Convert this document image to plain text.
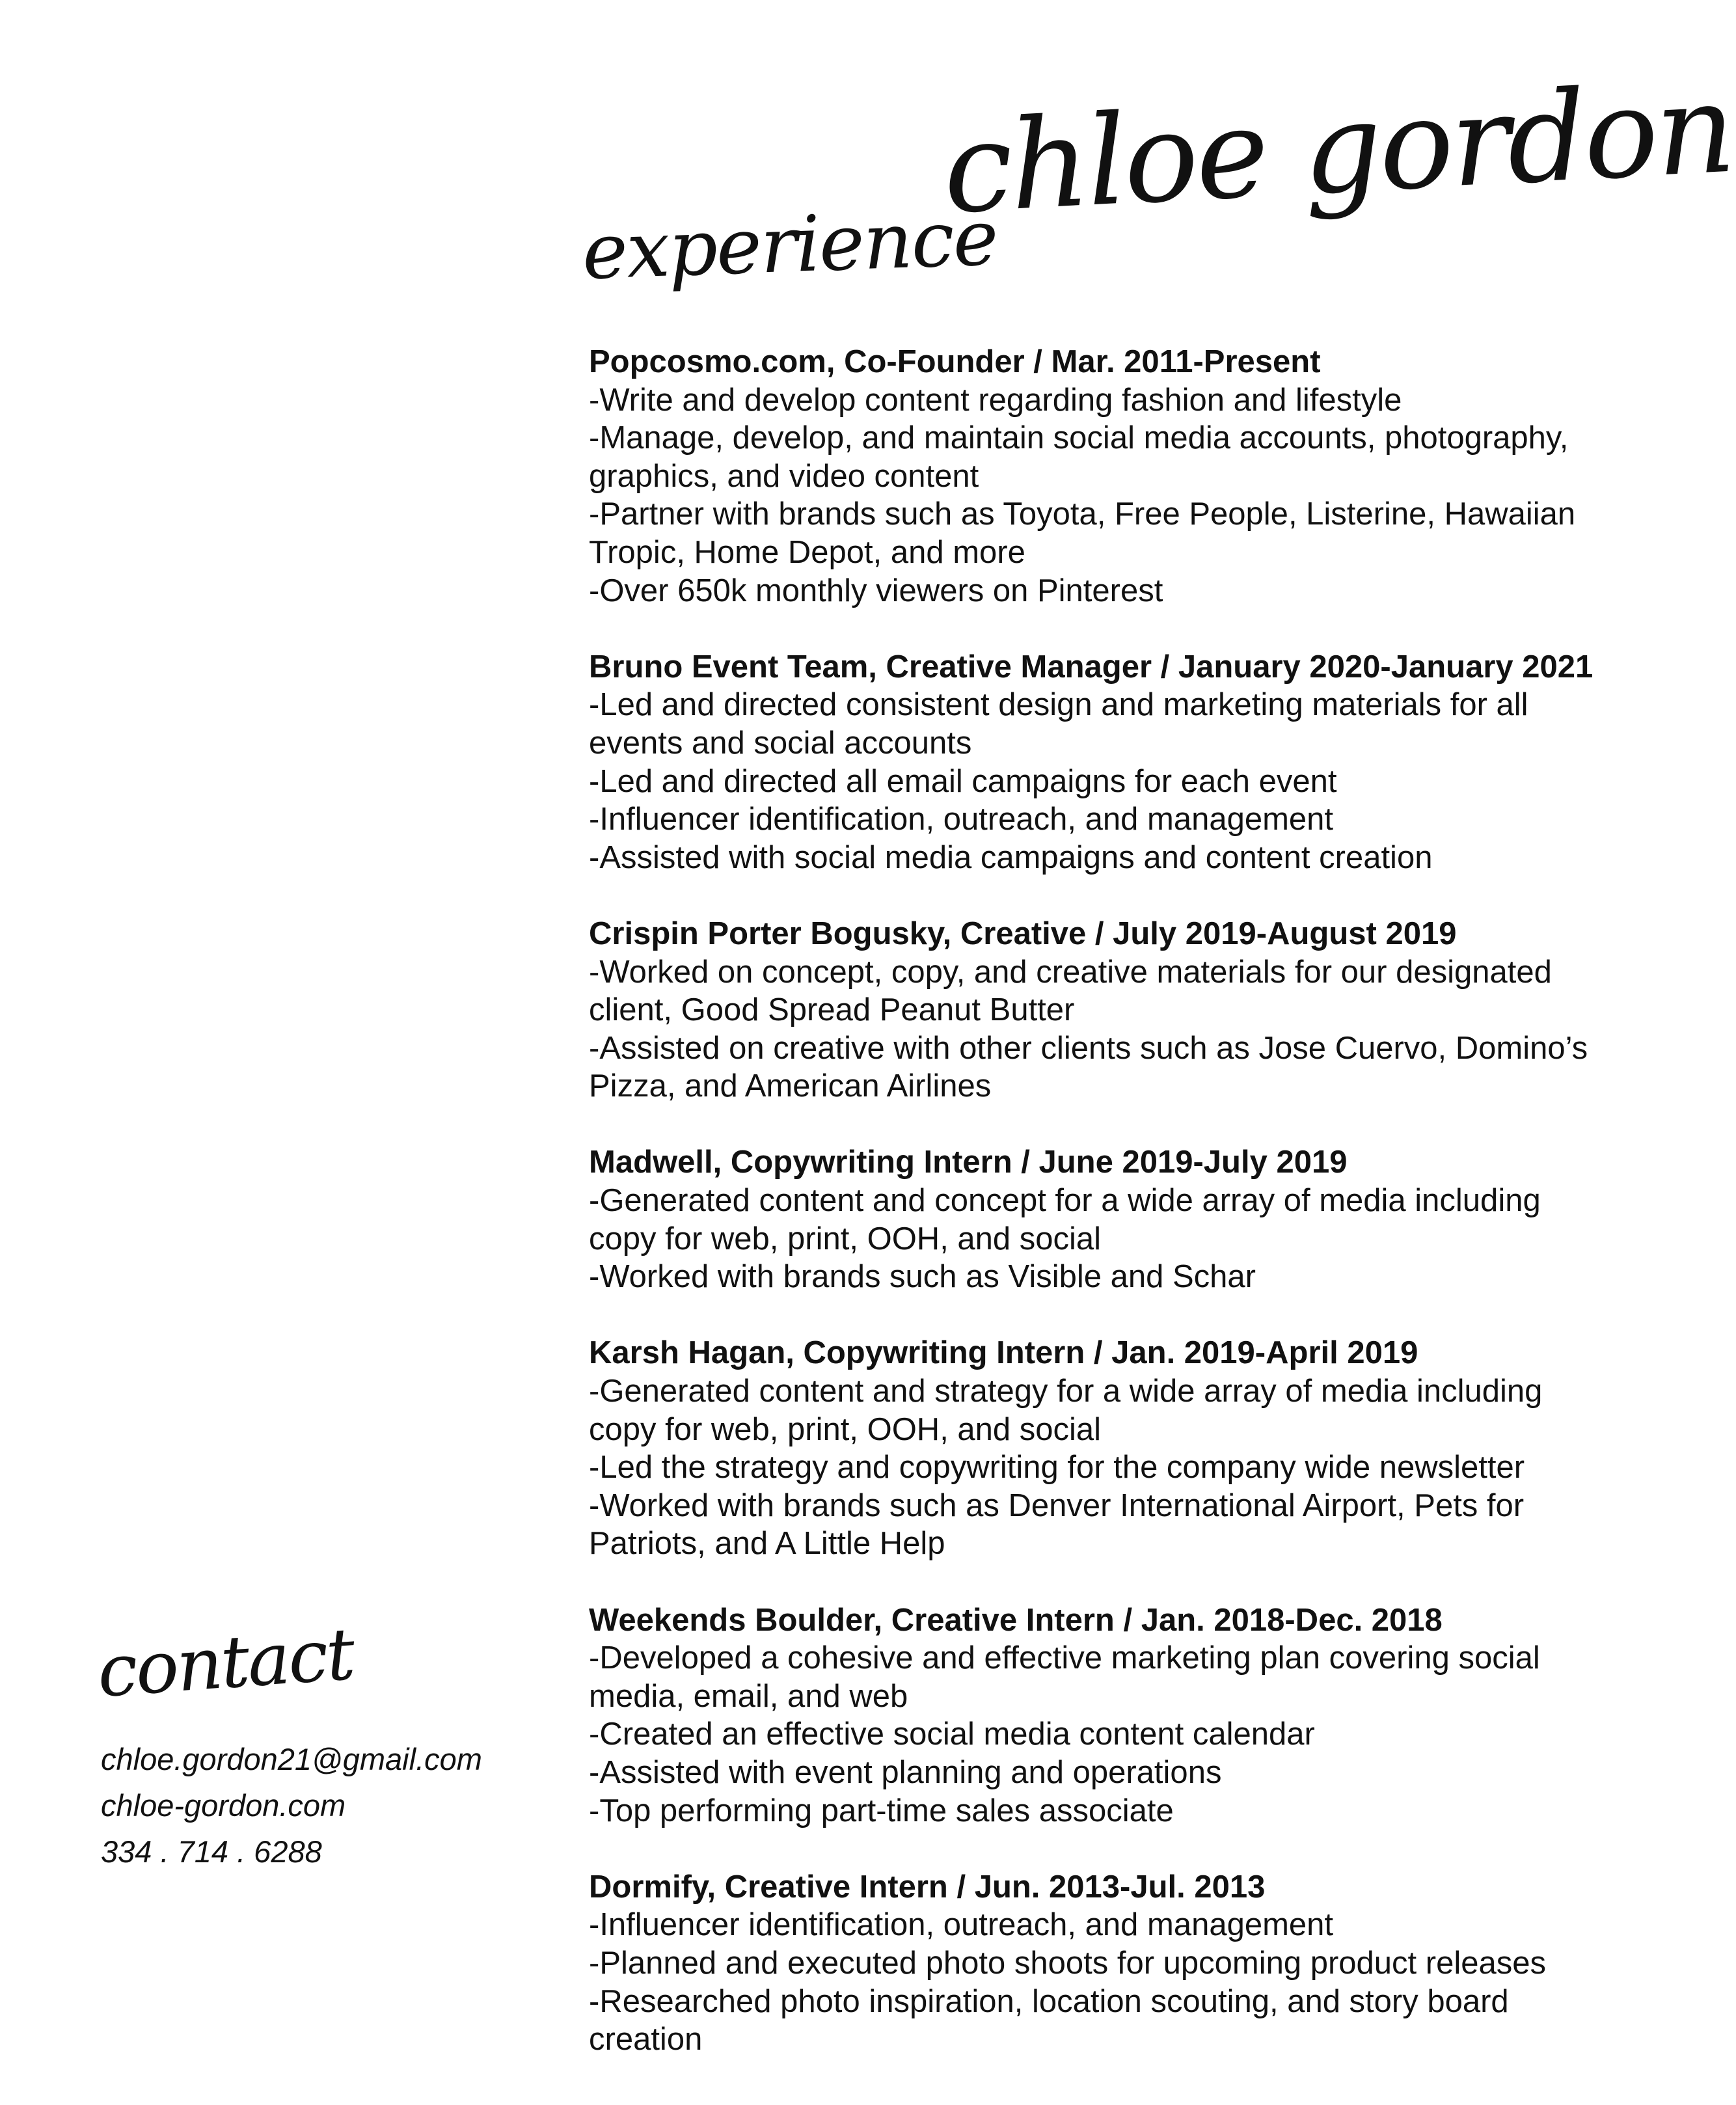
chloe gordon
experience
Popcosmo.com, Co-Founder / Mar. 2011-Present
-Write and develop content regarding fashion and lifestyle
-Manage, develop, and maintain social media accounts, photography, graphics, and video content
-Partner with brands such as Toyota, Free People, Listerine, Hawaiian Tropic, Home Depot, and more
-Over 650k monthly viewers on Pinterest
Bruno Event Team, Creative Manager / January 2020-January 2021
-Led and directed consistent design and marketing materials for all events and social accounts
-Led and directed all email campaigns for each event
-Influencer identification, outreach, and management
-Assisted with social media campaigns and content creation
Crispin Porter Bogusky, Creative / July 2019-August 2019
-Worked on concept, copy, and creative materials for our designated client, Good Spread Peanut Butter
-Assisted on creative with other clients such as Jose Cuervo, Domino’s Pizza, and American Airlines
Madwell, Copywriting Intern / June 2019-July 2019
-Generated content and concept for a wide array of media including copy for web, print, OOH, and social
-Worked with brands such as Visible and Schar
Karsh Hagan, Copywriting Intern / Jan. 2019-April 2019
-Generated content and strategy for a wide array of media including copy for web, print, OOH, and social
-Led the strategy and copywriting for the company wide newsletter
-Worked with brands such as Denver International Airport, Pets for Patriots, and A Little Help
Weekends Boulder, Creative Intern / Jan. 2018-Dec. 2018
-Developed a cohesive and effective marketing plan covering social media, email, and web
-Created an effective social media content calendar
-Assisted with event planning and operations
-Top performing part-time sales associate
Dormify, Creative Intern / Jun. 2013-Jul. 2013
-Influencer identification, outreach, and management
-Planned and executed photo shoots for upcoming product releases
-Researched photo inspiration, location scouting, and story board creation
contact
chloe.gordon21@gmail.com
chloe-gordon.com
334 . 714 . 6288
